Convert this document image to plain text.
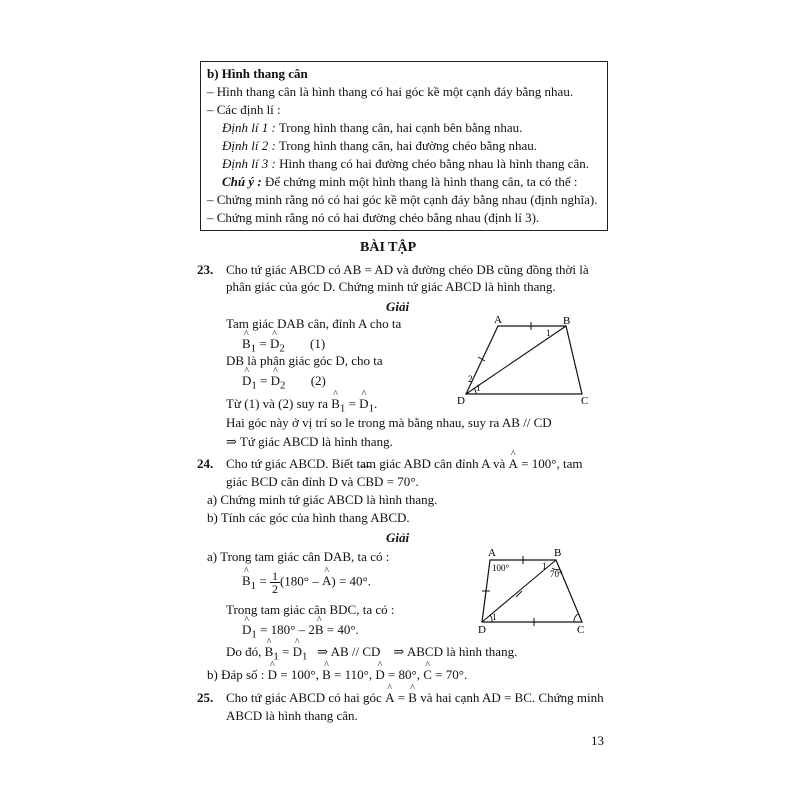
b) Hình thang cân
– Hình thang cân là hình thang có hai góc kề một cạnh đáy bằng nhau.
– Các định lí :
Định lí 1 : Trong hình thang cân, hai cạnh bên bằng nhau.
Định lí 2 : Trong hình thang cân, hai đường chéo bằng nhau.
Định lí 3 : Hình thang có hai đường chéo bằng nhau là hình thang cân.
Chú ý : Để chứng minh một hình thang là hình thang cân, ta có thể :
– Chứng minh rằng nó có hai góc kề một cạnh đáy bằng nhau (định nghĩa).
– Chứng minh rằng nó có hai đường chéo bằng nhau (định lí 3).
BÀI TẬP
23. Cho tứ giác ABCD có AB = AD và đường chéo DB cũng đồng thời là
phân giác của góc D. Chứng minh tứ giác ABCD là hình thang.
Giải
Tam giác DAB cân, đỉnh A cho ta
^ $B_1$ = ^ $D_2$ (1)
DB là phân giác góc D, cho ta
^ $D_1$ = ^ $D_2$ (2)
Từ (1) và (2) suy ra ^ $B_1$ = ^ $D_1$.
Hai góc này ở vị trí so le trong mà bằng nhau, suy ra AB // CD
⇒ Tứ giác ABCD là hình thang.
A	B
C
D
1
2
1
24. Cho tứ giác ABCD. Biết tam giác ABD cân đỉnh A và ^ A = 100°, tam
giác BCD cân đỉnh D và ⌒ CBD = 70°.
a) Chứng minh tứ giác ABCD là hình thang.
b) Tính các góc của hình thang ABCD.
Giải
a) Trong tam giác cân DAB, ta có :
^ $B_1 = \frac{1}{2} (180^\circ$ – ^ A) = 40°.
Trong tam giác cân BDC, ta có :
^ $D_1 = 180^\circ$ – 2^ B = 40°.
Do đó, ^ $B_1$ = ^ $D_1$   ⇒ AB // CD    ⇒ ABCD là hình thang.
b) Đáp số : ^ D = 100°, ^ B = 110°, ^ D = 80°, ^ C = 70°.
A	B
C
D
100°	1
70°
1
25. Cho tứ giác ABCD có hai góc ^ A = ^ B và hai cạnh AD = BC. Chứng minh
ABCD là hình thang cân.
13
